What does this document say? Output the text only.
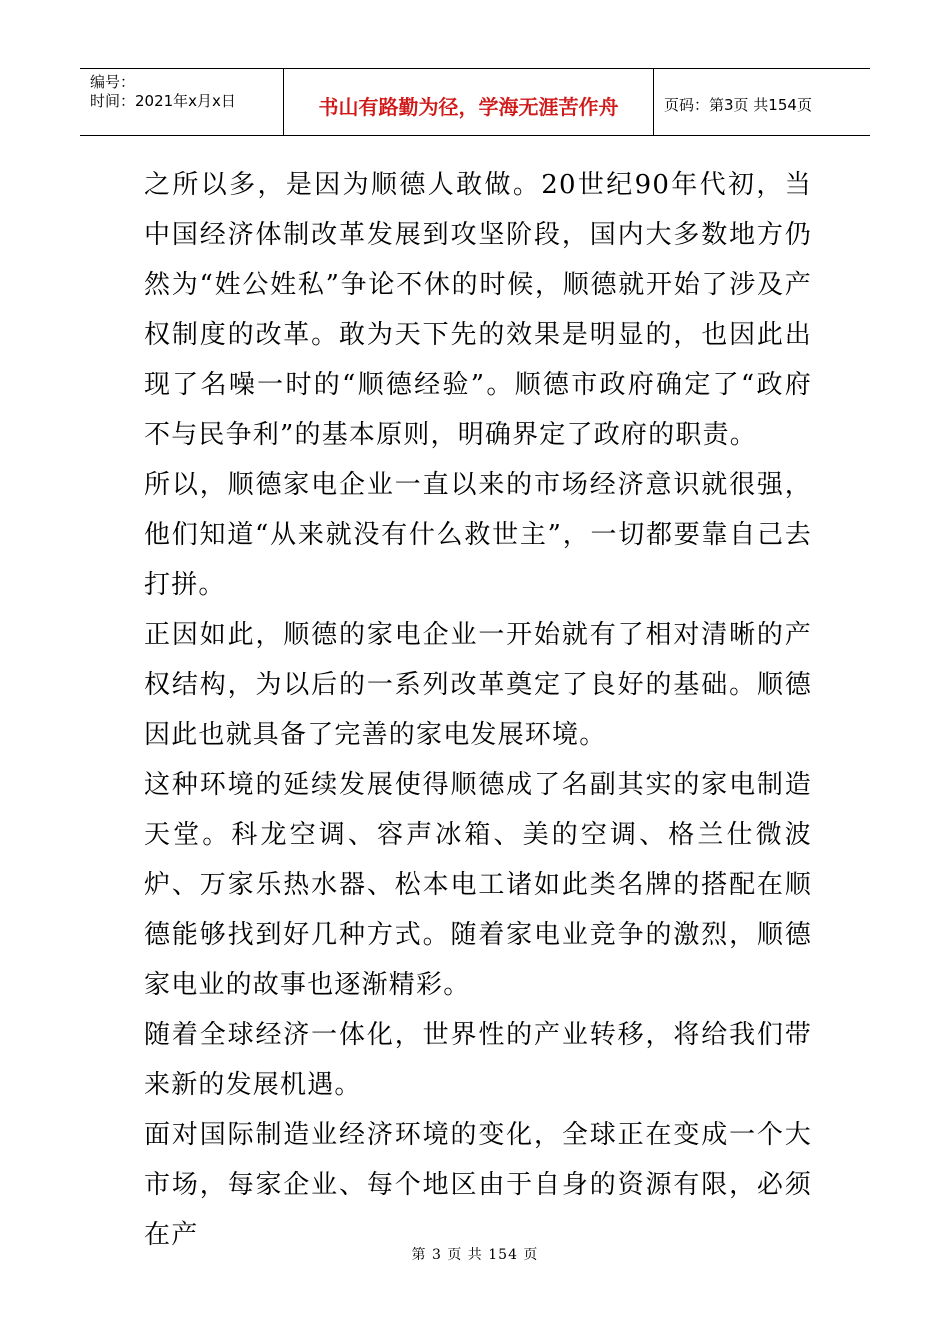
编号：
时间：2021年x月x日	书山有路勤为径，学海无涯苦作舟	页码：第3页 共154页

之所以多，是因为顺德人敢做。20世纪90年代初，当中国经济体制改革发展到攻坚阶段，国内大多数地方仍然为“姓公姓私”争论不休的时候，顺德就开始了涉及产权制度的改革。敢为天下先的效果是明显的，也因此出现了名噪一时的“顺德经验”。顺德市政府确定了“政府不与民争利”的基本原则，明确界定了政府的职责。

所以，顺德家电企业一直以来的市场经济意识就很强，他们知道“从来就没有什么救世主”，一切都要靠自己去打拼。

正因如此，顺德的家电企业一开始就有了相对清晰的产权结构，为以后的一系列改革奠定了良好的基础。顺德因此也就具备了完善的家电发展环境。

这种环境的延续发展使得顺德成了名副其实的家电制造天堂。科龙空调、容声冰箱、美的空调、格兰仕微波炉、万家乐热水器、松本电工诸如此类名牌的搭配在顺德能够找到好几种方式。随着家电业竞争的激烈，顺德家电业的故事也逐渐精彩。

随着全球经济一体化，世界性的产业转移，将给我们带来新的发展机遇。

面对国际制造业经济环境的变化，全球正在变成一个大市场，每家企业、每个地区由于自身的资源有限，必须在产

第 3 页 共 154 页
